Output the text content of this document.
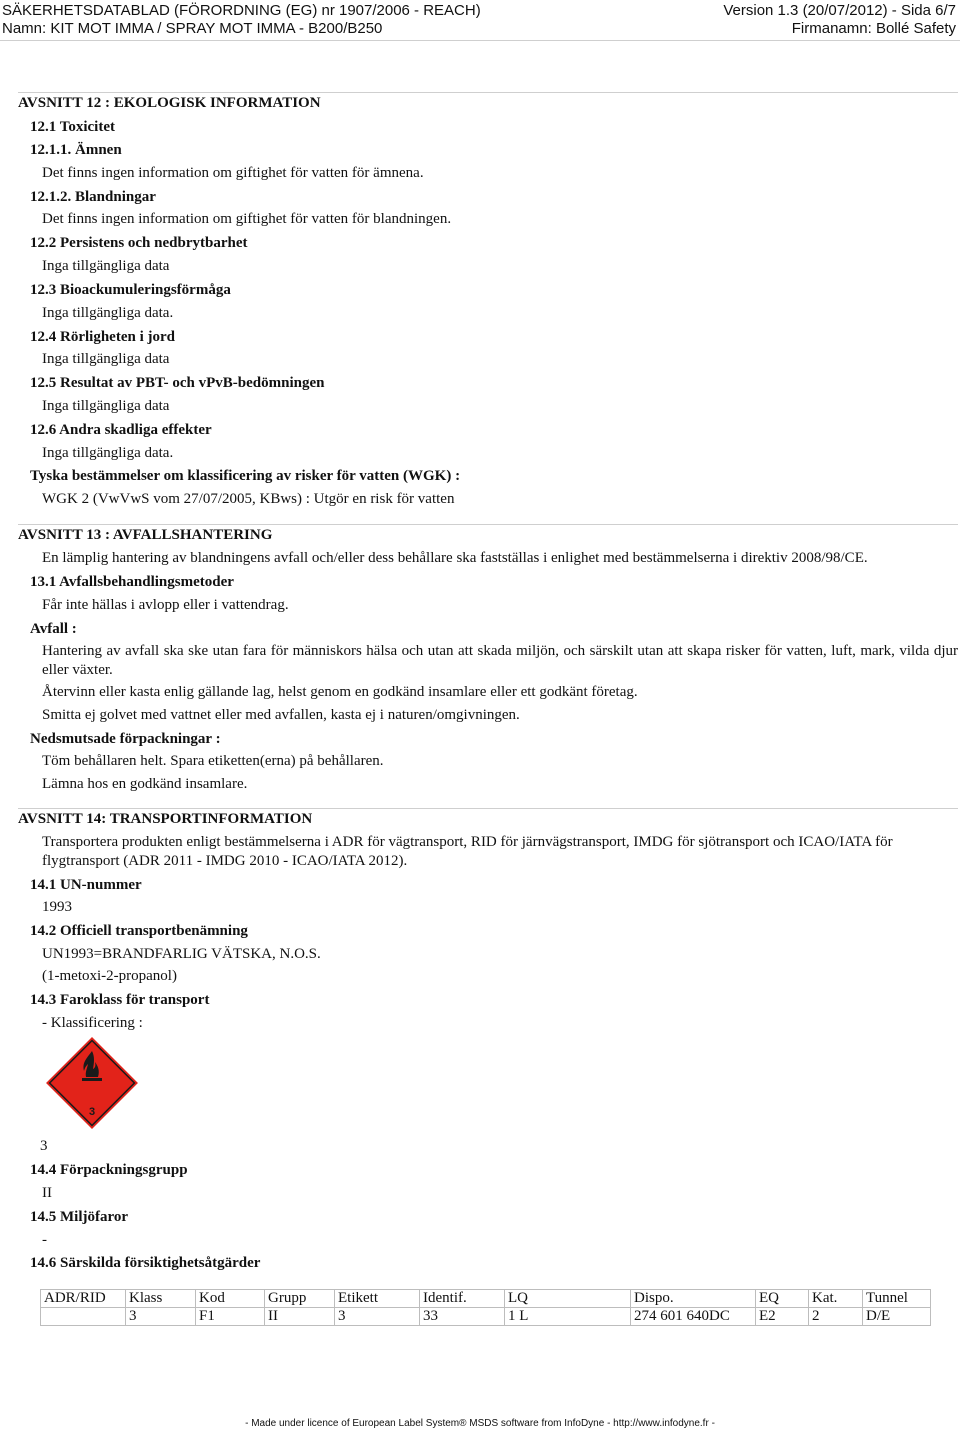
SÄKERHETSDATABLAD (FÖRORDNING (EG) nr 1907/2006 - REACH)	Version 1.3 (20/07/2012) - Sida 6/7
Namn: KIT MOT IMMA / SPRAY MOT IMMA - B200/B250	Firmanamn: Bollé Safety
AVSNITT 12 : EKOLOGISK INFORMATION
12.1 Toxicitet
12.1.1. Ämnen
Det finns ingen information om giftighet för vatten för ämnena.
12.1.2. Blandningar
Det finns ingen information om giftighet för vatten för blandningen.
12.2 Persistens och nedbrytbarhet
Inga tillgängliga data
12.3 Bioackumuleringsförmåga
Inga tillgängliga data.
12.4 Rörligheten i jord
Inga tillgängliga data
12.5 Resultat av PBT- och vPvB-bedömningen
Inga tillgängliga data
12.6 Andra skadliga effekter
Inga tillgängliga data.
Tyska bestämmelser om klassificering av risker för vatten (WGK) :
WGK 2 (VwVwS vom 27/07/2005, KBws) : Utgör en risk för vatten
AVSNITT 13 : AVFALLSHANTERING
En lämplig hantering av blandningens avfall och/eller dess behållare ska fastställas i enlighet med bestämmelserna i direktiv 2008/98/CE.
13.1 Avfallsbehandlingsmetoder
Får inte hällas i avlopp eller i vattendrag.
Avfall :
Hantering av avfall ska ske utan fara för människors hälsa och utan att skada miljön, och särskilt utan att skapa risker för vatten, luft, mark, vilda djur eller växter.
Återvinn eller kasta enlig gällande lag, helst genom en godkänd insamlare eller ett godkänt företag.
Smitta ej golvet med vattnet eller med avfallen, kasta ej i naturen/omgivningen.
Nedsmutsade förpackningar :
Töm behållaren helt. Spara etiketten(erna) på behållaren.
Lämna hos en godkänd insamlare.
AVSNITT 14: TRANSPORTINFORMATION
Transportera produkten enligt bestämmelserna i ADR för vägtransport, RID för järnvägstransport, IMDG för sjötransport och ICAO/IATA för flygtransport (ADR 2011 - IMDG 2010 - ICAO/IATA 2012).
14.1 UN-nummer
1993
14.2 Officiell transportbenämning
UN1993=BRANDFARLIG VÄTSKA, N.O.S.
(1-metoxi-2-propanol)
14.3 Faroklass för transport
- Klassificering :
3
3
14.4 Förpackningsgrupp
II
14.5 Miljöfaror
-
14.6 Särskilda försiktighetsåtgärder
ADR/RID	Klass	Kod	Grupp	Etikett	Identif.	LQ	Dispo.	EQ	Kat.	Tunnel
	3	F1	II	3	33	1 L	274 601 640DC	E2	2	D/E
- Made under licence of European Label System® MSDS software from InfoDyne - http://www.infodyne.fr -
